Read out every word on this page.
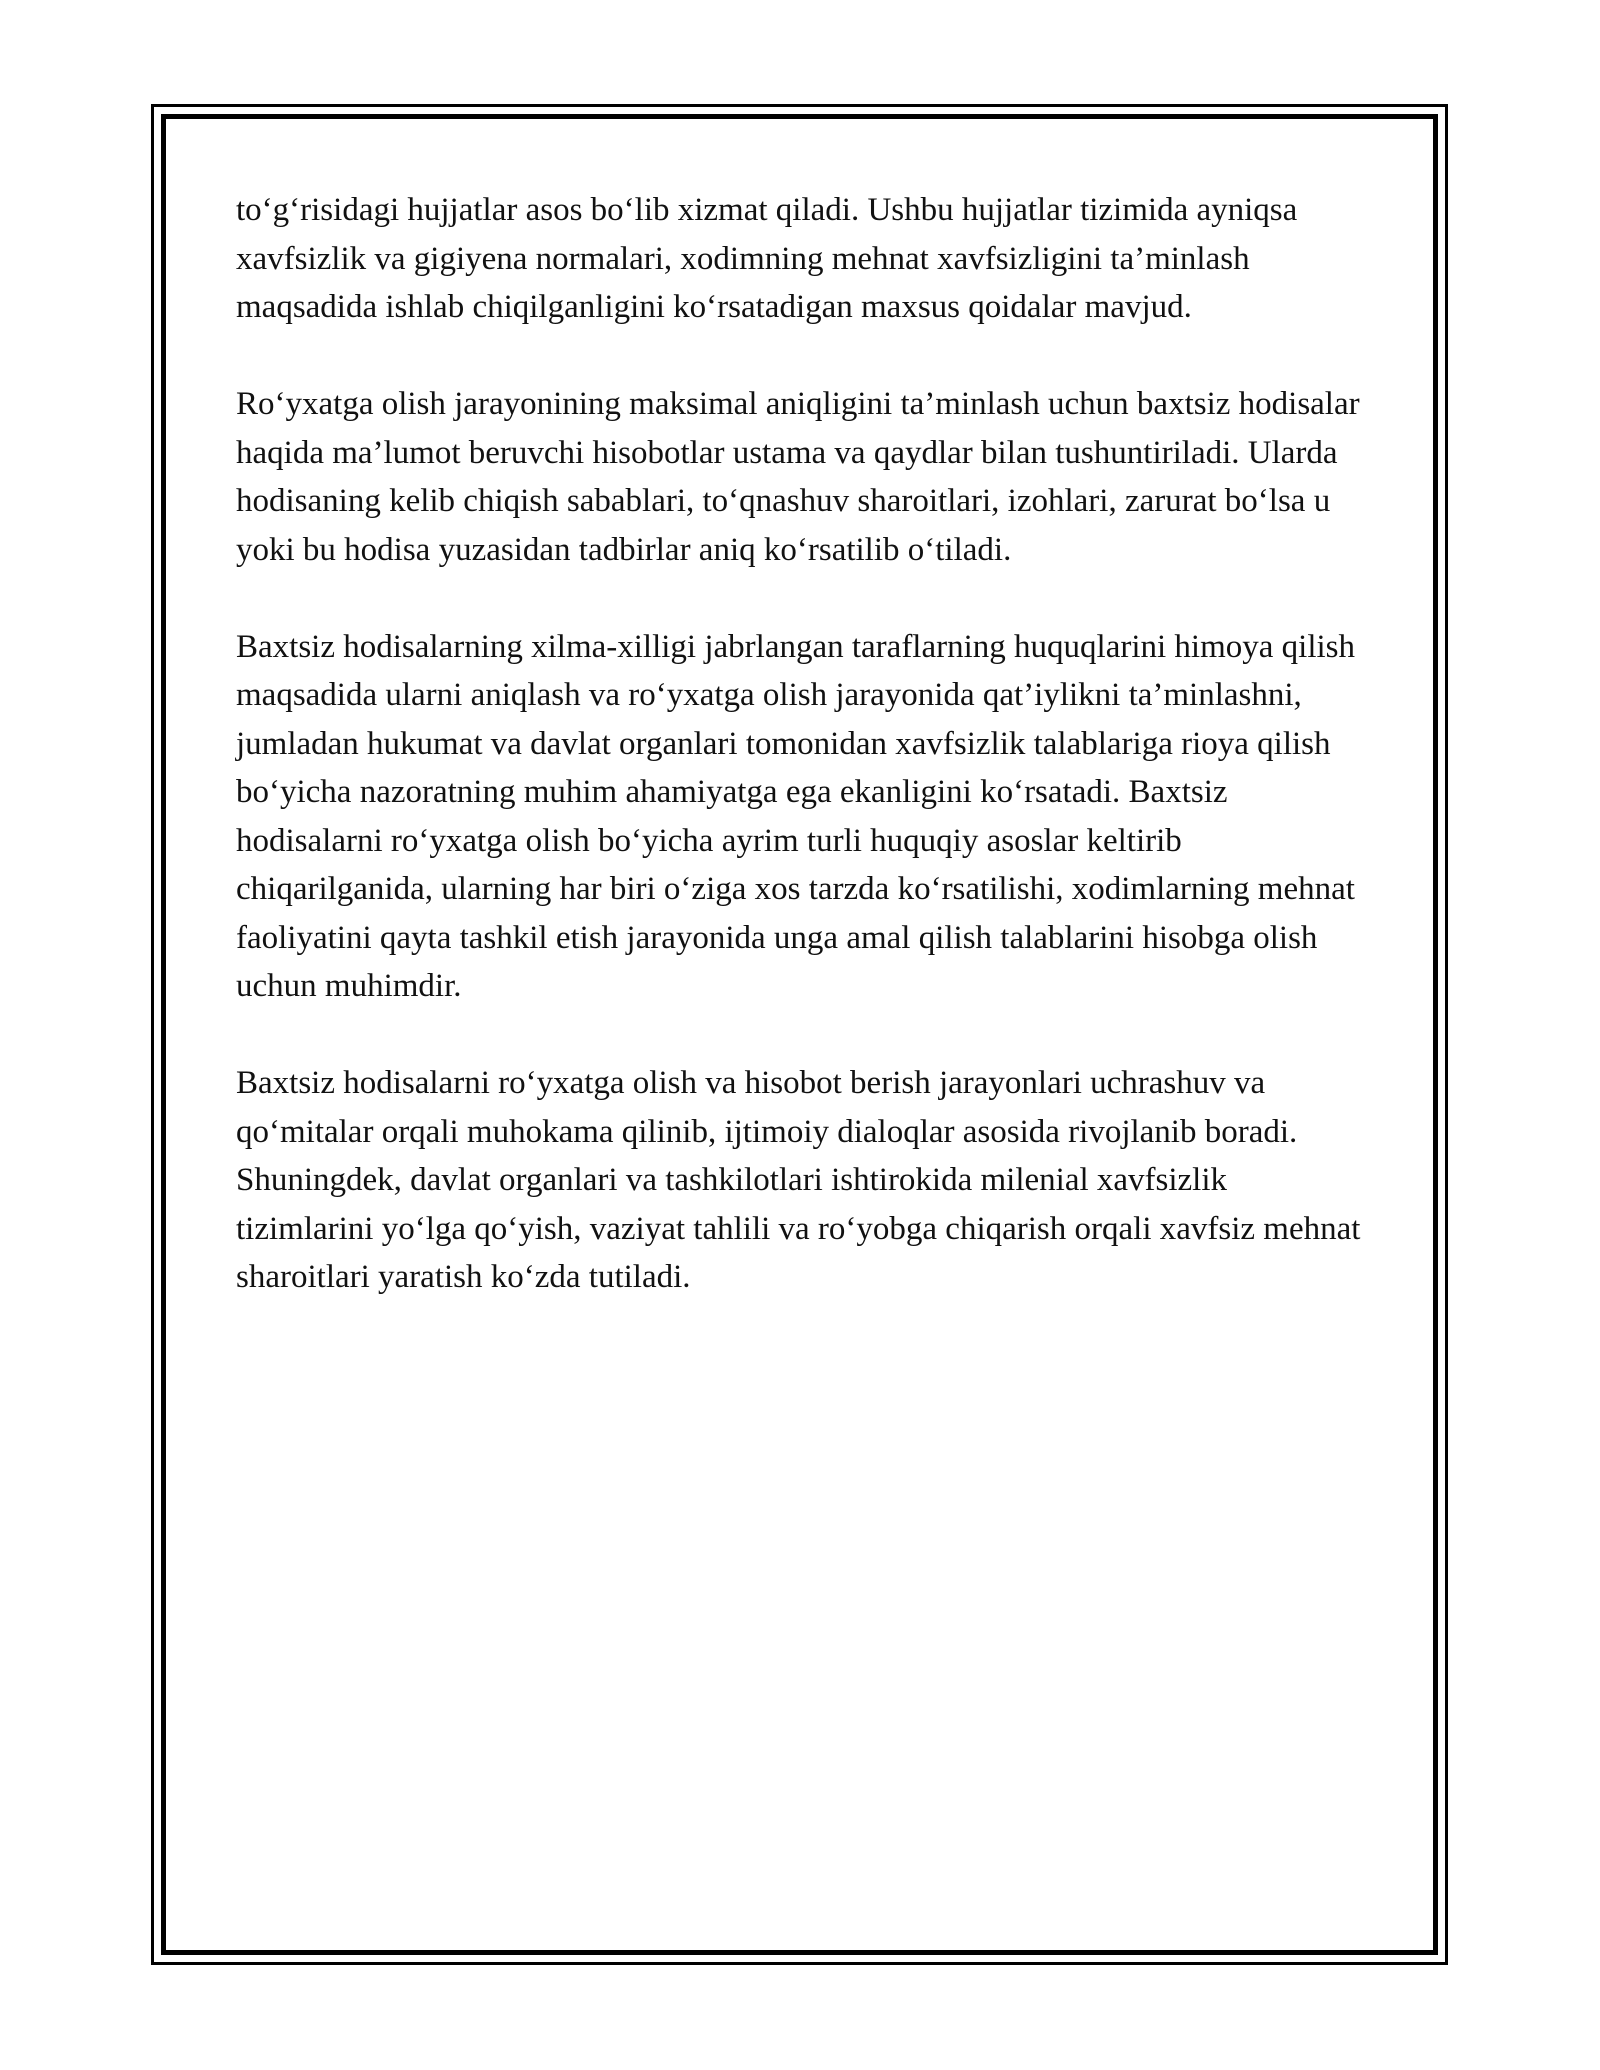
to‘g‘risidagi hujjatlar asos bo‘lib xizmat qiladi. Ushbu hujjatlar tizimida ayniqsa xavfsizlik va gigiyena normalari, xodimning mehnat xavfsizligini ta’minlash maqsadida ishlab chiqilganligini ko‘rsatadigan maxsus qoidalar mavjud.

Ro‘yxatga olish jarayonining maksimal aniqligini ta’minlash uchun baxtsiz hodisalar haqida ma’lumot beruvchi hisobotlar ustama va qaydlar bilan tushuntiriladi. Ularda hodisaning kelib chiqish sabablari, to‘qnashuv sharoitlari, izohlari, zarurat bo‘lsa u yoki bu hodisa yuzasidan tadbirlar aniq ko‘rsatilib o‘tiladi.

Baxtsiz hodisalarning xilma-xilligi jabrlangan taraflarning huquqlarini himoya qilish maqsadida ularni aniqlash va ro‘yxatga olish jarayonida qat’iylikni ta’minlashni, jumladan hukumat va davlat organlari tomonidan xavfsizlik talablariga rioya qilish bo‘yicha nazoratning muhim ahamiyatga ega ekanligini ko‘rsatadi. Baxtsiz hodisalarni ro‘yxatga olish bo‘yicha ayrim turli huquqiy asoslar keltirib chiqarilganida, ularning har biri o‘ziga xos tarzda ko‘rsatilishi, xodimlarning mehnat faoliyatini qayta tashkil etish jarayonida unga amal qilish talablarini hisobga olish uchun muhimdir.

Baxtsiz hodisalarni ro‘yxatga olish va hisobot berish jarayonlari uchrashuv va qo‘mitalar orqali muhokama qilinib, ijtimoiy dialoqlar asosida rivojlanib boradi. Shuningdek, davlat organlari va tashkilotlari ishtirokida milenial xavfsizlik tizimlarini yo‘lga qo‘yish, vaziyat tahlili va ro‘yobga chiqarish orqali xavfsiz mehnat sharoitlari yaratish ko‘zda tutiladi.
